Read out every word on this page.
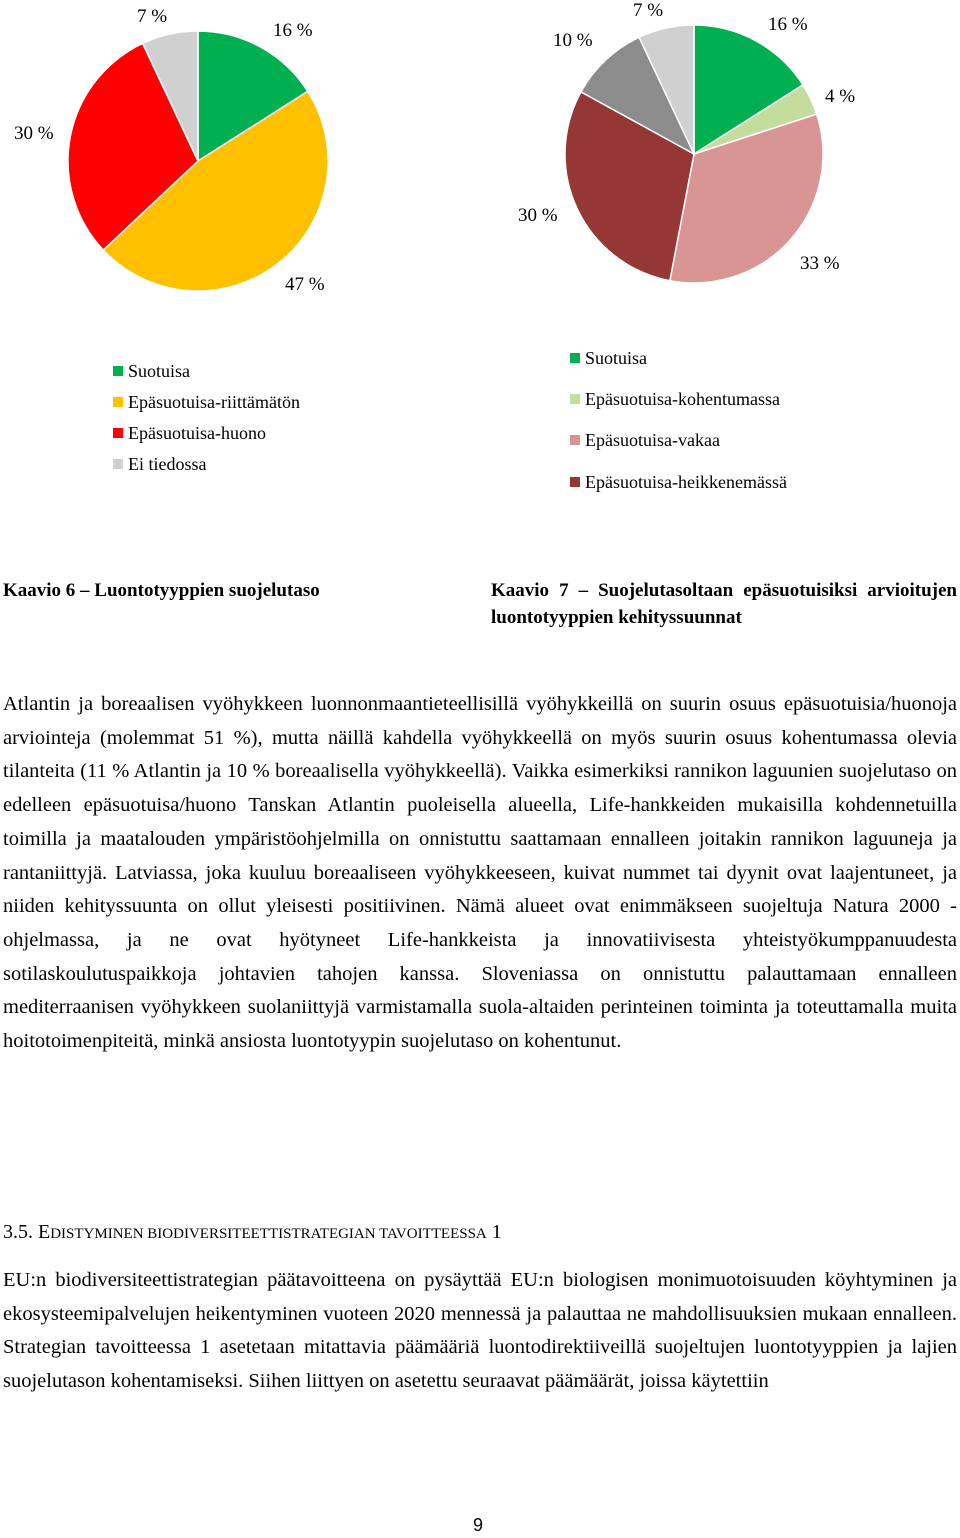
16 %
47 %
30 %
7 %
Suotuisa
Epäsuotuisa-riittämätön
Epäsuotuisa-huono
Ei tiedossa
16 %
4 %
33 %
30 %
10 %
7 %
Suotuisa
Epäsuotuisa-kohentumassa
Epäsuotuisa-vakaa
Epäsuotuisa-heikkenemässä
Kaavio 6 – Luontotyyppien suojelutaso	Kaavio 7 – Suojelutasoltaan epäsuotuisiksi arvioitujen luontotyyppien kehityssuunnat
Atlantin ja boreaalisen vyöhykkeen luonnonmaantieteellisillä vyöhykkeillä on suurin osuus epäsuotuisia/huonoja arviointeja (molemmat 51 %), mutta näillä kahdella vyöhykkeellä on myös suurin osuus kohentumassa olevia tilanteita (11 % Atlantin ja 10 % boreaalisella vyöhykkeellä). Vaikka esimerkiksi rannikon laguunien suojelutaso on edelleen epäsuotuisa/huono Tanskan Atlantin puoleisella alueella, Life-hankkeiden mukaisilla kohdennetuilla toimilla ja maatalouden ympäristöohjelmilla on onnistuttu saattamaan ennalleen joitakin rannikon laguuneja ja rantaniittyjä. Latviassa, joka kuuluu boreaaliseen vyöhykkeeseen, kuivat nummet tai dyynit ovat laajentuneet, ja niiden kehityssuunta on ollut yleisesti positiivinen. Nämä alueet ovat enimmäkseen suojeltuja Natura 2000 -ohjelmassa, ja ne ovat hyötyneet Life-hankkeista ja innovatiivisesta yhteistyökumppanuudesta sotilaskoulutuspaikkoja johtavien tahojen kanssa. Sloveniassa on onnistuttu palauttamaan ennalleen mediterraanisen vyöhykkeen suolaniittyjä varmistamalla suola-altaiden perinteinen toiminta ja toteuttamalla muita hoitotoimenpiteitä, minkä ansiosta luontotyypin suojelutaso on kohentunut.
3.5. EDISTYMINEN BIODIVERSITEETTISTRATEGIAN TAVOITTEESSA 1
EU:n biodiversiteettistrategian päätavoitteena on pysäyttää EU:n biologisen monimuotoisuuden köyhtyminen ja ekosysteemipalvelujen heikentyminen vuoteen 2020 mennessä ja palauttaa ne mahdollisuuksien mukaan ennalleen. Strategian tavoitteessa 1 asetetaan mitattavia päämääriä luontodirektiiveillä suojeltujen luontotyyppien ja lajien suojelutason kohentamiseksi. Siihen liittyen on asetettu seuraavat päämäärät, joissa käytettiin
9
